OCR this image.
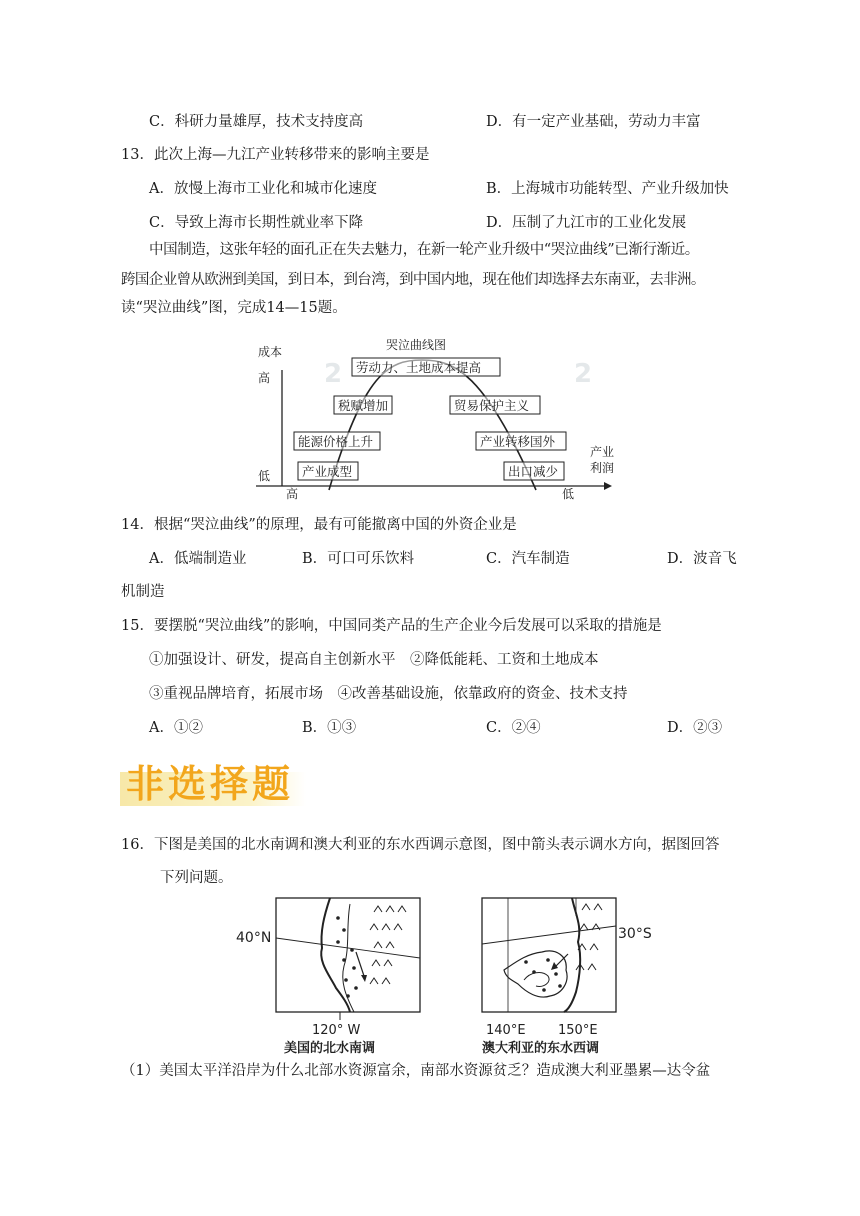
C．科研力量雄厚，技术支持度高	D．有一定产业基础，劳动力丰富
13．此次上海—九江产业转移带来的影响主要是
A．放慢上海市工业化和城市化速度	B．上海城市功能转型、产业升级加快
C．导致上海市长期性就业率下降	D．压制了九江市的工业化发展
中国制造，这张年轻的面孔正在失去魅力，在新一轮产业升级中“哭泣曲线”已渐行渐近。
跨国企业曾从欧洲到美国，到日本，到台湾，到中国内地，现在他们却选择去东南亚，去非洲。
读“哭泣曲线”图，完成14—15题。
2	2
成本
高
低
高	低
产业
利润
哭泣曲线图
劳动力、土地成本提高
税赋增加	贸易保护主义
能源价格上升	产业转移国外
产业成型	出口减少
14．根据“哭泣曲线”的原理，最有可能撤离中国的外资企业是
A．低端制造业	B．可口可乐饮料	C．汽车制造	D．波音飞
机制造
15．要摆脱“哭泣曲线”的影响，中国同类产品的生产企业今后发展可以采取的措施是
①加强设计、研发，提高自主创新水平　②降低能耗、工资和土地成本
③重视品牌培育，拓展市场　④改善基础设施，依靠政府的资金、技术支持
A．①②	B．①③	C．②④	D．②③
非选择题
16．下图是美国的北水南调和澳大利亚的东水西调示意图，图中箭头表示调水方向，据图回答
下列问题。
40°N
120° W
美国的北水南调
30°S
140°E 150°E
澳大利亚的东水西调
（1）美国太平洋沿岸为什么北部水资源富余，南部水资源贫乏？造成澳大利亚墨累—达令盆
